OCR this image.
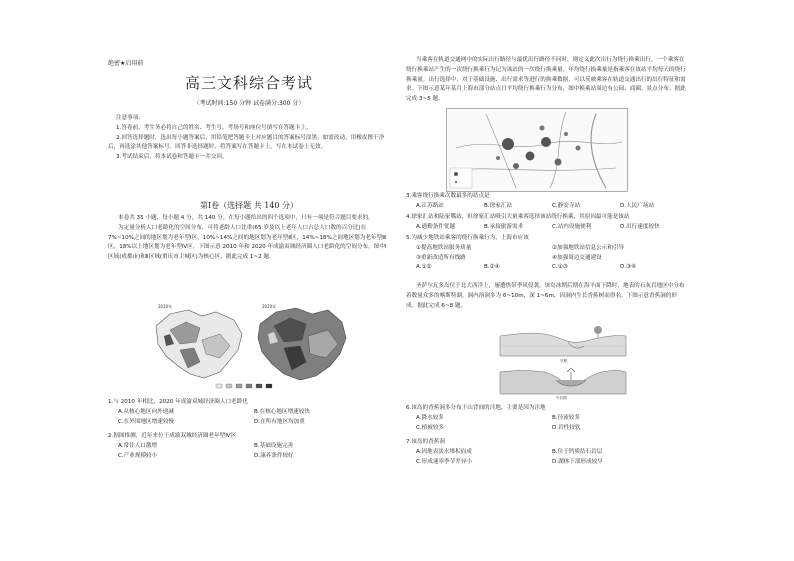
绝密★启用前
高三文科综合考试
（考试时间:150 分钟 试卷满分:300 分）

注意事项:

1.答卷前，考生务必将自己的姓名、考生号、考场号和座位号填写在答题卡上。

2.回答选择题时，选出每小题答案后，用铅笔把答题卡上对应题目的答案标号涂黑。如需改动，用橡皮擦干净后，再选涂其他答案标号。回答非选择题时，将答案写在答题卡上。写在本试卷上无效。

3.考试结束后，将本试卷和答题卡一并交回。

第Ⅰ卷（选择题 共 140 分）

本卷共 35 小题，每小题 4 分，共 140 分。在每小题给出的四个选项中，只有一项是符合题目要求的。

为定量分析人口老龄化的空间分布，可将老龄人口比重(65 岁及以上老年人口占总人口数的百分比)在 7%~10%之间的地区划为老年型Ⅰ区，10%~14%之间的地区划为老年型Ⅱ区，14%~18%之间地区划为老年型Ⅲ区，18%以上地区划为老年型Ⅳ区。下图示意 2010 年和 2020 年成渝双城经济圈人口老龄化的空间分布，图中Ⅰ区域(成都市)和Ⅱ区域(重庆市主城区)为核心区。据此完成 1~2 题。

2010年	2020年

1.与 2010 年相比，2020 年成渝双城经济圈人口老龄化

A.从核心地区向外递减	B.在核心地区增速较快
C.在外围地区增速较慢	D.在所有地区均加重

2.据图推测，近年来位于成渝双城经济圈老年型Ⅳ区

A.常住人口激增	B.基础设施完善
C.产业规模较小	D.康养条件较好

当乘客在轨道交通网中的实际出行路径与最优出行路径不同时，则定义此次出行为绕行换乘出行。一个乘客在绕行换乘站产生的一次绕行换乘行为记为该站的一次绕行换乘量。年均绕行换乘量是指乘客在该站平均每天的绕行换乘量。出行选择中，对于基础设施、出行需求等进行的换乘数据，可以反映乘客在轨道交通出行的出行特征和需求。下图示意某年某月上海市部分站点日平均绕行换乘行为分布，图中换乘站周边有公园、商圈、景点分布。据此完成 3~5 题。

3.乘客绕行换乘次数最多的站点是

A.江苏路站	B.徐家汇站	C.静安寺站	D.人民广场站

4.徐家汇站和陆家嘴站，但徐家汇站吸引大量乘客选择该站绕行换乘，其原因最可能是该站

A.通勤条件优越	B.承接旅游需求	C.站内设施便利	D.出行速度较快

5.为减少地铁站乘客的绕行换乘行为，上海市应该

①提高地铁站服务质量	②加强地铁站信息公示和引导
③重新改造所有线路	④加强周边交通建设
A.①②	B.②④	C.①③	D.③④

圣萨尔瓦多岛位于北大西洋上，屡遭热带季风侵袭。该岛冰期后期在海平面下降时，地表的石灰岩地区中分布着数量众多的喀斯特湖，洞内溶洞多为 6~10m，深 1~6m，因洞内生长香蕉树而得名。下图示意香蕉洞的形成。据此完成 6~8 题。

早期
中后期

6.该岛的香蕉洞多分布于山背间的洼地，主要是因为洼地

A.降水较多	B.径流较多
C.植被较多	D.岩性较软

7.该岛的香蕉洞

A.因地表淡水堆积而成	B.位于钙质结石岩层
C.形成速率季节差异小	D.湖体下部形成较早
